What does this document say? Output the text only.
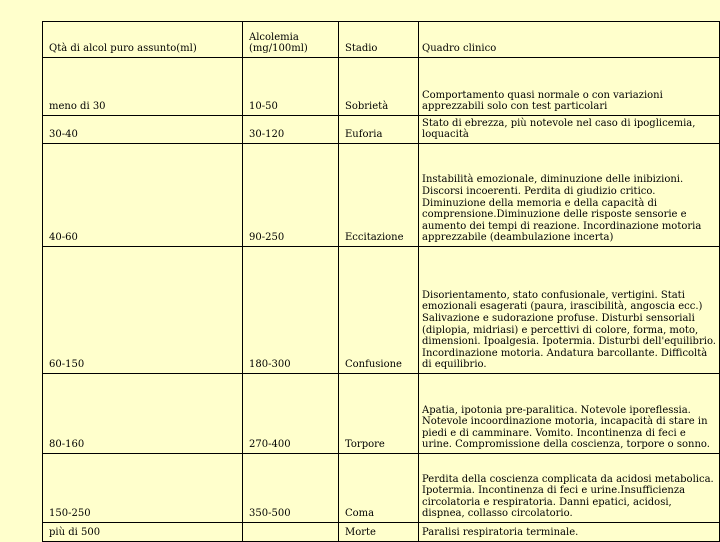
Qtà di alcol puro assunto(ml)	Alcolemia (mg/100ml)	Stadio	Quadro clinico
meno di 30	10-50	Sobrietà	Comportamento quasi normale o con variazioni apprezzabili solo con test particolari
30-40	30-120	Euforia	Stato di ebrezza, più notevole nel caso di ipoglicemia, loquacità
40-60	90-250	Eccitazione	Instabilità emozionale, diminuzione delle inibizioni. Discorsi incoerenti. Perdita di giudizio critico. Diminuzione della memoria e della capacità di comprensione.Diminuzione delle risposte sensorie e aumento dei tempi di reazione. Incordinazione motoria apprezzabile (deambulazione incerta)
60-150	180-300	Confusione	Disorientamento, stato confusionale, vertigini. Stati emozionali esagerati (paura, irascibilità, angoscia ecc.) Salivazione e sudorazione profuse. Disturbi sensoriali (diplopia, midriasi) e percettivi di colore, forma, moto, dimensioni. Ipoalgesia. Ipotermia. Disturbi dell'equilibrio. Incordinazione motoria. Andatura barcollante. Difficoltà di equilibrio.
80-160	270-400	Torpore	Apatia, ipotonia pre-paralitica. Notevole iporeflessia. Notevole incoordinazione motoria, incapacità di stare in piedi e di camminare. Vomito. Incontinenza di feci e urine. Compromissione della coscienza, torpore o sonno.
150-250	350-500	Coma	Perdita della coscienza complicata da acidosi metabolica. Ipotermia. Incontinenza di feci e urine.Insufficienza circolatoria e respiratoria. Danni epatici, acidosi, dispnea, collasso circolatorio.
più di 500		Morte	Paralisi respiratoria terminale.
